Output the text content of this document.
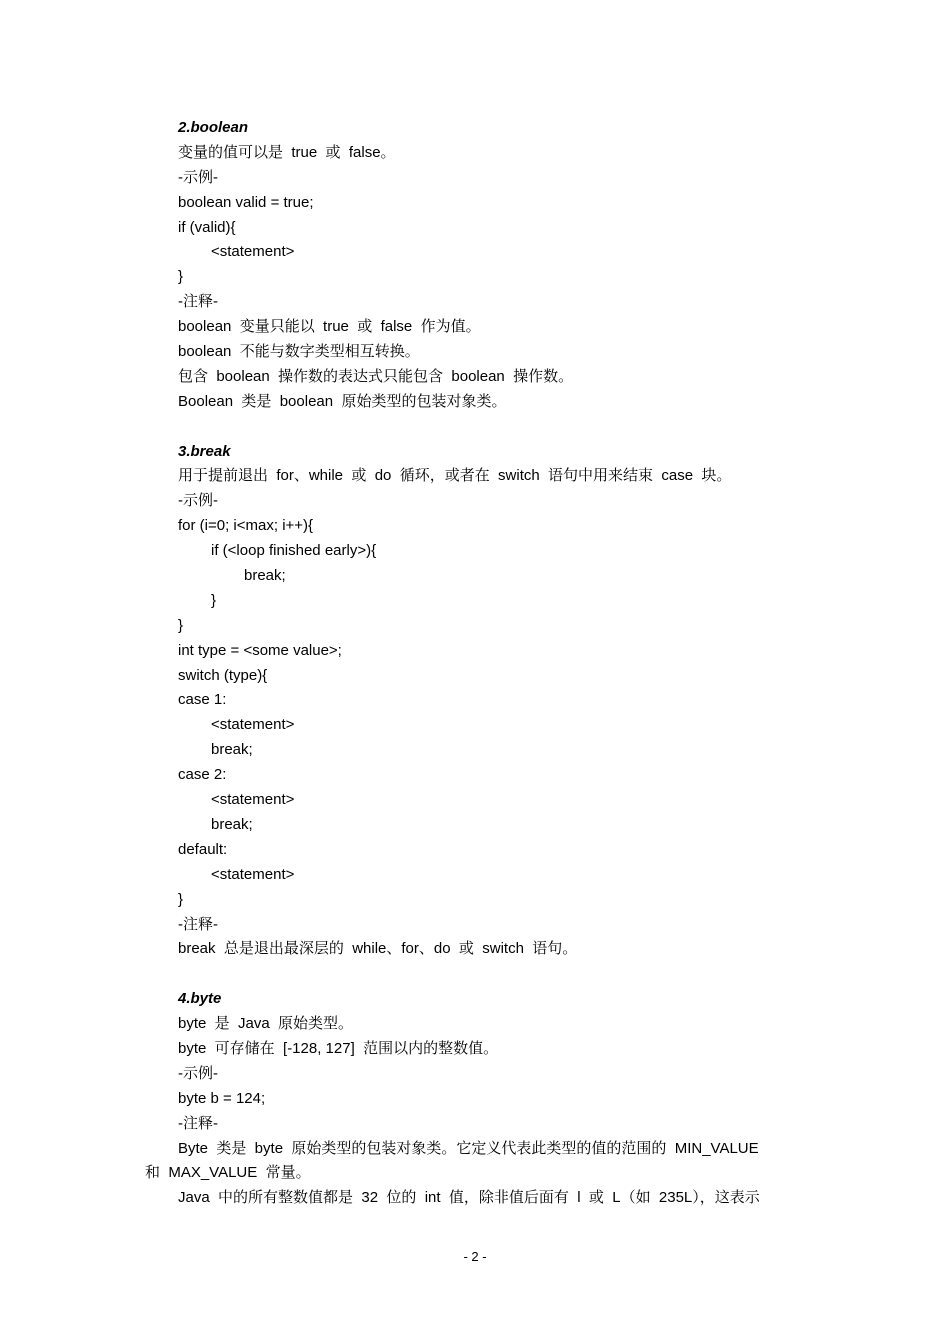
2.boolean
变量的值可以是  true  或  false。
-示例-
boolean valid = true;
if (valid){
<statement>
}
-注释-
boolean  变量只能以  true  或  false  作为值。
boolean  不能与数字类型相互转换。
包含  boolean  操作数的表达式只能包含  boolean  操作数。
Boolean  类是  boolean  原始类型的包装对象类。
3.break
用于提前退出  for、while  或  do  循环，或者在  switch  语句中用来结束  case  块。
-示例-
for (i=0; i<max; i++){
if (<loop finished early>){
break;
}
}
int type = <some value>;
switch (type){
case 1:
<statement>
break;
case 2:
<statement>
break;
default:
<statement>
}
-注释-
break  总是退出最深层的  while、for、do  或  switch  语句。
4.byte
byte  是  Java  原始类型。
byte  可存储在  [-128, 127]  范围以内的整数值。
-示例-
byte b = 124;
-注释-
Byte  类是  byte  原始类型的包装对象类。它定义代表此类型的值的范围的  MIN_VALUE
和  MAX_VALUE  常量。
Java  中的所有整数值都是  32  位的  int  值，除非值后面有  l  或  L（如  235L），这表示
- 2 -
